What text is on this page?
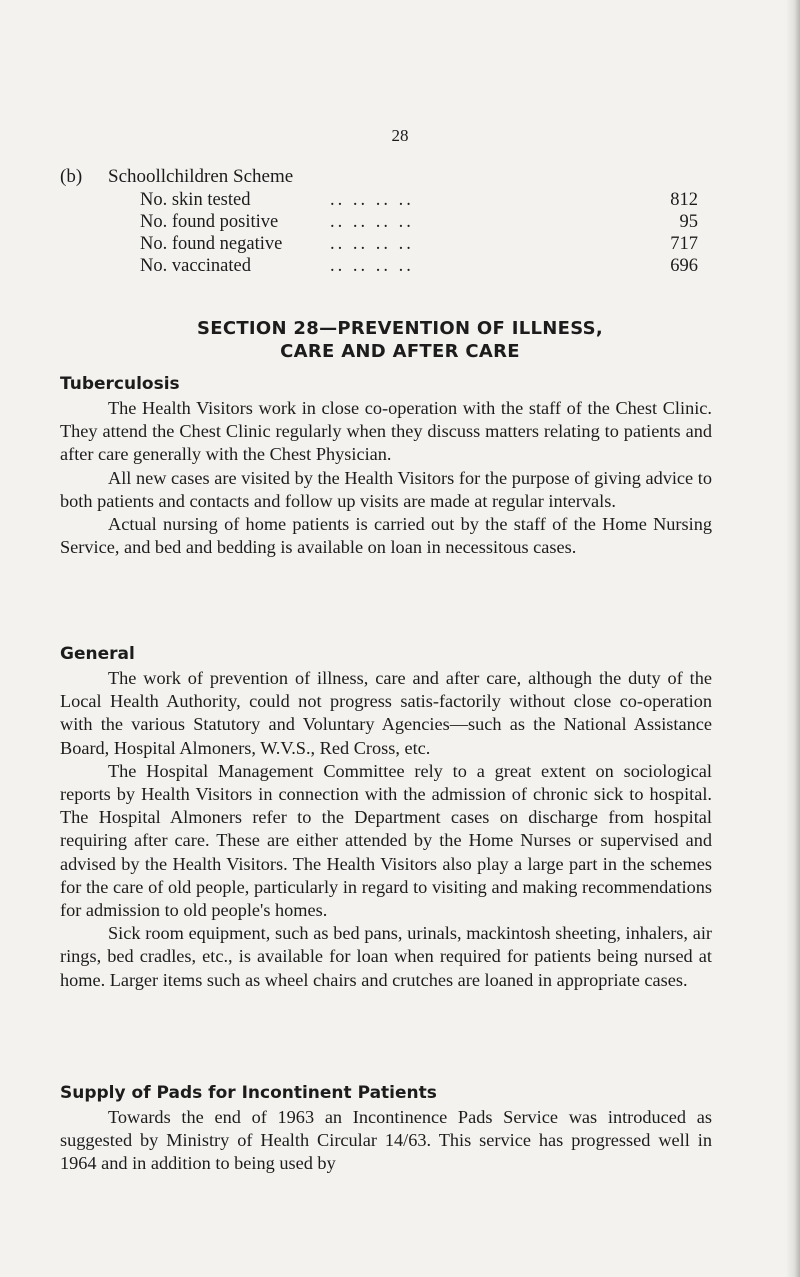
28
(b)	Schoollchildren Scheme
No. skin tested	.. .. .. ..	812
No. found positive	.. .. .. ..	95
No. found negative	.. .. .. ..	717
No. vaccinated	.. .. .. ..	696
SECTION 28—PREVENTION OF ILLNESS,
CARE AND AFTER CARE
Tuberculosis

The Health Visitors work in close co-operation with the staff of the Chest Clinic. They attend the Chest Clinic regularly when they discuss matters relating to patients and after care generally with the Chest Physician.

All new cases are visited by the Health Visitors for the purpose of giving advice to both patients and contacts and follow up visits are made at regular intervals.

Actual nursing of home patients is carried out by the staff of the Home Nursing Service, and bed and bedding is available on loan in necessitous cases.

General

The work of prevention of illness, care and after care, although the duty of the Local Health Authority, could not progress satis-factorily without close co-operation with the various Statutory and Voluntary Agencies—such as the National Assistance Board, Hospital Almoners, W.V.S., Red Cross, etc.

The Hospital Management Committee rely to a great extent on sociological reports by Health Visitors in connection with the admission of chronic sick to hospital. The Hospital Almoners refer to the Department cases on discharge from hospital requiring after care. These are either attended by the Home Nurses or supervised and advised by the Health Visitors. The Health Visitors also play a large part in the schemes for the care of old people, particularly in regard to visiting and making recommendations for admission to old people's homes.

Sick room equipment, such as bed pans, urinals, mackintosh sheeting, inhalers, air rings, bed cradles, etc., is available for loan when required for patients being nursed at home. Larger items such as wheel chairs and crutches are loaned in appropriate cases.

Supply of Pads for Incontinent Patients

Towards the end of 1963 an Incontinence Pads Service was introduced as suggested by Ministry of Health Circular 14/63. This service has progressed well in 1964 and in addition to being used by
